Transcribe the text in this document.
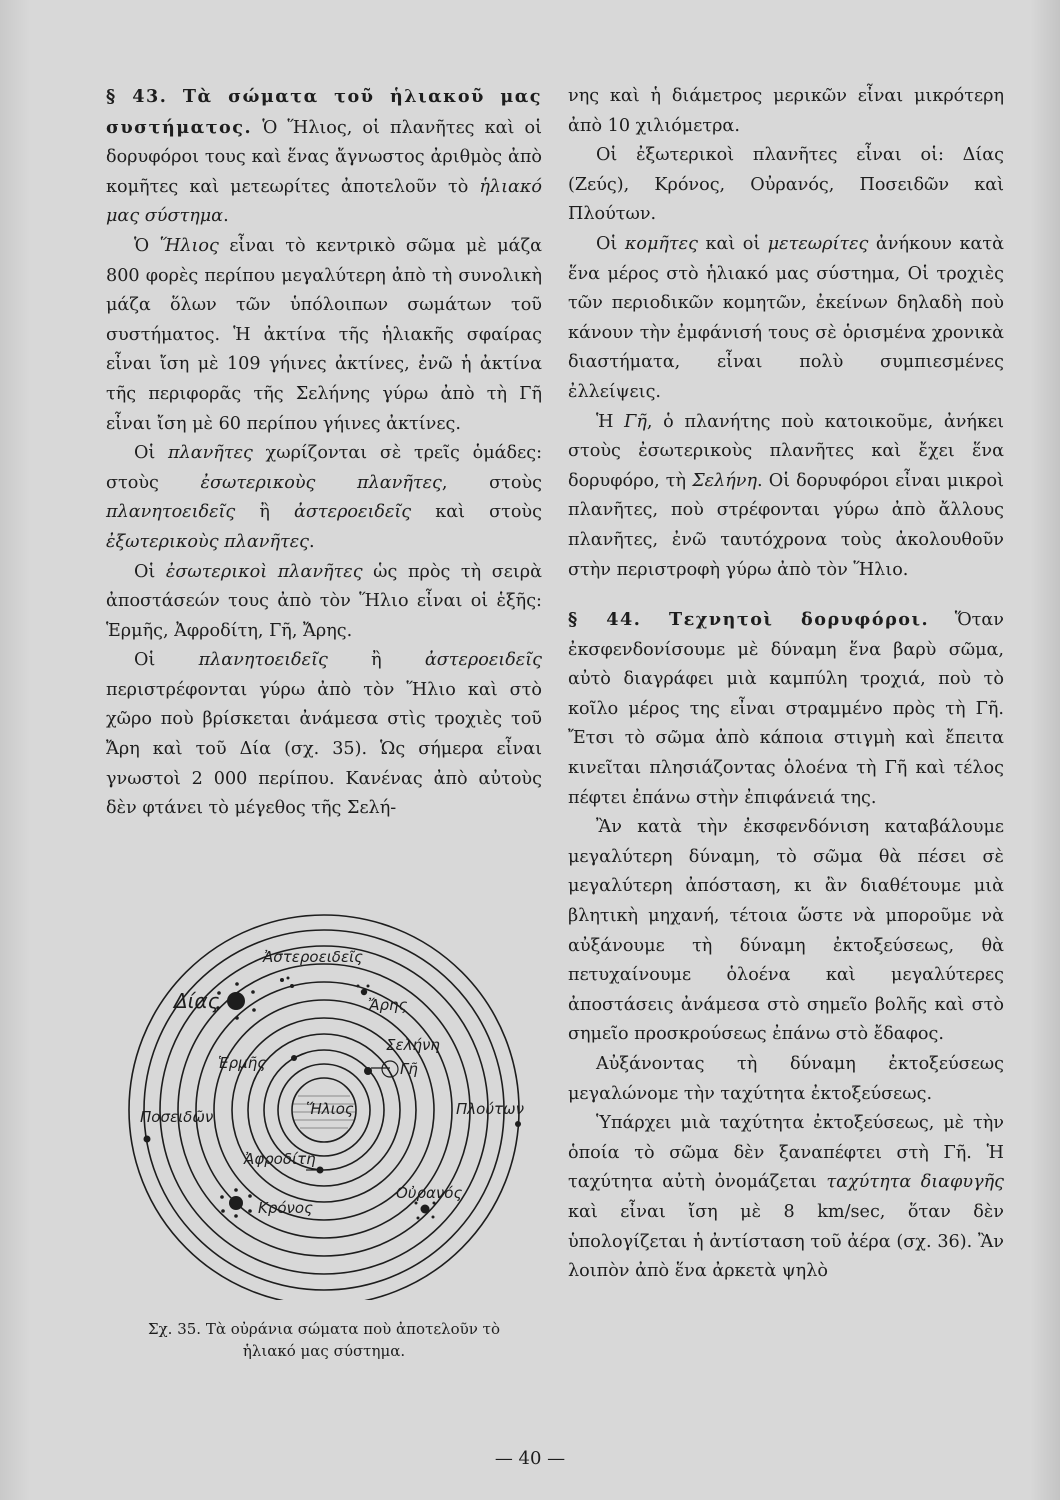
§ 43. Τὰ σώματα τοῦ ἡλιακοῦ μας συστήματος. Ὁ Ἥλιος, οἱ πλανῆτες καὶ οἱ δορυφόροι τους καὶ ἕνας ἄγνωστος ἀριθμὸς ἀπὸ κομῆτες καὶ μετεωρίτες ἀποτελοῦν τὸ ἡλιακό μας σύστημα.

Ὁ Ἥλιος εἶναι τὸ κεντρικὸ σῶμα μὲ μάζα 800 φορὲς περίπου μεγαλύτερη ἀπὸ τὴ συνολικὴ μάζα ὅλων τῶν ὑπόλοιπων σωμάτων τοῦ συστήματος. Ἡ ἀκτίνα τῆς ἡλιακῆς σφαίρας εἶναι ἴση μὲ 109 γήινες ἀκτίνες, ἐνῶ ἡ ἀκτίνα τῆς περιφορᾶς τῆς Σελήνης γύρω ἀπὸ τὴ Γῆ εἶναι ἴση μὲ 60 περίπου γήινες ἀκτίνες.

Οἱ πλανῆτες χωρίζονται σὲ τρεῖς ὁμάδες: στοὺς ἐσωτερικοὺς πλανῆτες, στοὺς πλανητοειδεῖς ἢ ἀστεροειδεῖς καὶ στοὺς ἐξωτερικοὺς πλανῆτες.

Οἱ ἐσωτερικοὶ πλανῆτες ὡς πρὸς τὴ σειρὰ ἀποστάσεών τους ἀπὸ τὸν Ἥλιο εἶναι οἱ ἑξῆς: Ἑρμῆς, Ἀφροδίτη, Γῆ, Ἄρης.

Οἱ πλανητοειδεῖς ἢ ἀστεροειδεῖς περιστρέφονται γύρω ἀπὸ τὸν Ἥλιο καὶ στὸ χῶρο ποὺ βρίσκεται ἀνάμεσα στὶς τροχιὲς τοῦ Ἄρη καὶ τοῦ Δία (σχ. 35). Ὡς σήμερα εἶναι γνωστοὶ 2 000 περίπου. Κανένας ἀπὸ αὐτοὺς δὲν φτάνει τὸ μέγεθος τῆς Σελή-

νης καὶ ἡ διάμετρος μερικῶν εἶναι μικρότερη ἀπὸ 10 χιλιόμετρα.

Οἱ ἐξωτερικοὶ πλανῆτες εἶναι οἱ: Δίας (Ζεύς), Κρόνος, Οὐρανός, Ποσειδῶν καὶ Πλούτων.

Οἱ κομῆτες καὶ οἱ μετεωρίτες ἀνήκουν κατὰ ἕνα μέρος στὸ ἡλιακό μας σύστημα, Οἱ τροχιὲς τῶν περιοδικῶν κομητῶν, ἐκείνων δηλαδὴ ποὺ κάνουν τὴν ἐμφάνισή τους σὲ ὁρισμένα χρονικὰ διαστήματα, εἶναι πολὺ συμπιεσμένες ἐλλείψεις.

Ἡ Γῆ, ὁ πλανήτης ποὺ κατοικοῦμε, ἀνήκει στοὺς ἐσωτερικοὺς πλανῆτες καὶ ἔχει ἕνα δορυφόρο, τὴ Σελήνη. Οἱ δορυφόροι εἶναι μικροὶ πλανῆτες, ποὺ στρέφονται γύρω ἀπὸ ἄλλους πλανῆτες, ἐνῶ ταυτόχρονα τοὺς ἀκολουθοῦν στὴν περιστροφὴ γύρω ἀπὸ τὸν Ἥλιο.

§ 44. Τεχνητοὶ δορυφόροι. Ὅταν ἐκσφενδονίσουμε μὲ δύναμη ἕνα βαρὺ σῶμα, αὐτὸ διαγράφει μιὰ καμπύλη τροχιά, ποὺ τὸ κοῖλο μέρος της εἶναι στραμμένο πρὸς τὴ Γῆ. Ἔτσι τὸ σῶμα ἀπὸ κάποια στιγμὴ καὶ ἔπειτα κινεῖται πλησιάζοντας ὁλοένα τὴ Γῆ καὶ τέλος πέφτει ἐπάνω στὴν ἐπιφάνειά της.

Ἂν κατὰ τὴν ἐκσφενδόνιση καταβάλουμε μεγαλύτερη δύναμη, τὸ σῶμα θὰ πέσει σὲ μεγαλύτερη ἀπόσταση, κι ἂν διαθέτουμε μιὰ βλητικὴ μηχανή, τέτοια ὥστε νὰ μποροῦμε νὰ αὐξάνουμε τὴ δύναμη ἐκτοξεύσεως, θὰ πετυχαίνουμε ὁλοένα καὶ μεγαλύτερες ἀποστάσεις ἀνάμεσα στὸ σημεῖο βολῆς καὶ στὸ σημεῖο προσκρούσεως ἐπάνω στὸ ἔδαφος.

Αὐξάνοντας τὴ δύναμη ἐκτοξεύσεως μεγαλώνομε τὴν ταχύτητα ἐκτοξεύσεως.

Ὑπάρχει μιὰ ταχύτητα ἐκτοξεύσεως, μὲ τὴν ὁποία τὸ σῶμα δὲν ξαναπέφτει στὴ Γῆ. Ἡ ταχύτητα αὐτὴ ὀνομάζεται ταχύτητα διαφυγῆς καὶ εἶναι ἴση μὲ 8 km/sec, ὅταν δὲν ὑπολογίζεται ἡ ἀντίσταση τοῦ ἀέρα (σχ. 36). Ἂν λοιπὸν ἀπὸ ἕνα ἀρκετὰ ψηλὸ

Ἀστεροειδεῖς
Δίας	Ἄρης
Ἑρμῆς
Σελήνη
Γῆ
Ἥλιος
Ποσειδῶν	Πλούτων
Ἀφροδίτη
Κρόνος
Οὐρανός
Σχ. 35. Τὰ οὐράνια σώματα ποὺ ἀποτελοῦν τὸ
ἡλιακό μας σύστημα.
— 40 —
